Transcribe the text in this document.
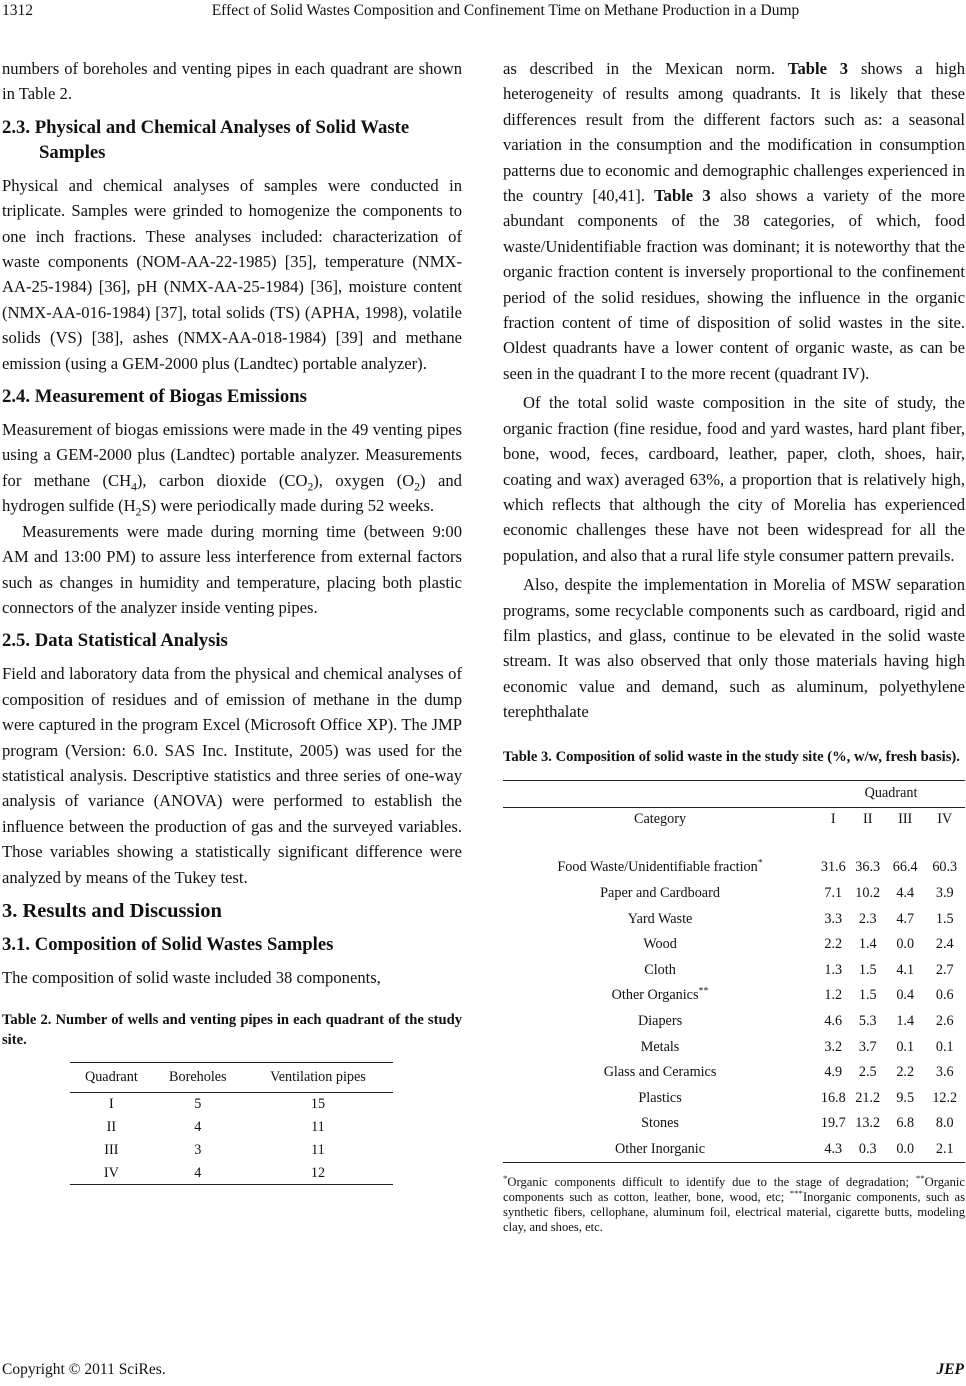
1312	Effect of Solid Wastes Composition and Confinement Time on Methane Production in a Dump

numbers of boreholes and venting pipes in each quadrant are shown in Table 2.

2.3. Physical and Chemical Analyses of Solid Waste Samples

Physical and chemical analyses of samples were conducted in triplicate. Samples were grinded to homogenize the components to one inch fractions. These analyses included: characterization of waste components (NOM-AA-22-1985) [35], temperature (NMX-AA-25-1984) [36], pH (NMX-AA-25-1984) [36], moisture content (NMX-AA-016-1984) [37], total solids (TS) (APHA, 1998), volatile solids (VS) [38], ashes (NMX-AA-018-1984) [39] and methane emission (using a GEM-2000 plus (Landtec) portable analyzer).

2.4. Measurement of Biogas Emissions

Measurement of biogas emissions were made in the 49 venting pipes using a GEM-2000 plus (Landtec) portable analyzer. Measurements for methane $(CH_4)$, carbon dioxide $(CO_2)$, oxygen $(O_2)$ and hydrogen sulfide $(H_2S)$ were periodically made during 52 weeks.

Measurements were made during morning time (between 9:00 AM and 13:00 PM) to assure less interference from external factors such as changes in humidity and temperature, placing both plastic connectors of the analyzer inside venting pipes.

2.5. Data Statistical Analysis

Field and laboratory data from the physical and chemical analyses of composition of residues and of emission of methane in the dump were captured in the program Excel (Microsoft Office XP). The JMP program (Version: 6.0. SAS Inc. Institute, 2005) was used for the statistical analysis. Descriptive statistics and three series of one-way analysis of variance (ANOVA) were performed to establish the influence between the production of gas and the surveyed variables. Those variables showing a statistically significant difference were analyzed by means of the Tukey test.

3. Results and Discussion
3.1. Composition of Solid Wastes Samples

The composition of solid waste included 38 components,

Table 2. Number of wells and venting pipes in each quadrant of the study site.
Quadrant	Boreholes	Ventilation pipes
I	5	15
II	4	11
III	3	11
IV	4	12

as described in the Mexican norm. Table 3 shows a high heterogeneity of results among quadrants. It is likely that these differences result from the different factors such as: a seasonal variation in the consumption and the modification in consumption patterns due to economic and demographic challenges experienced in the country [40,41]. Table 3 also shows a variety of the more abundant components of the 38 categories, of which, food waste/Unidentifiable fraction was dominant; it is noteworthy that the organic fraction content is inversely proportional to the confinement period of the solid residues, showing the influence in the organic fraction content of time of disposition of solid wastes in the site. Oldest quadrants have a lower content of organic waste, as can be seen in the quadrant I to the more recent (quadrant IV).

Of the total solid waste composition in the site of study, the organic fraction (fine residue, food and yard wastes, hard plant fiber, bone, wood, feces, cardboard, leather, paper, cloth, shoes, hair, coating and wax) averaged 63%, a proportion that is relatively high, which reflects that although the city of Morelia has experienced economic challenges these have not been widespread for all the population, and also that a rural life style consumer pattern prevails.

Also, despite the implementation in Morelia of MSW separation programs, some recyclable components such as cardboard, rigid and film plastics, and glass, continue to be elevated in the solid waste stream. It was also observed that only those materials having high economic value and demand, such as aluminum, polyethylene terephthalate

Table 3. Composition of solid waste in the study site (%, w/w, fresh basis).
	Quadrant			
Category	I	II	III	IV

Food Waste/Unidentifiable fraction*	31.6	36.3	66.4	60.3
Paper and Cardboard	7.1	10.2	4.4	3.9
Yard Waste	3.3	2.3	4.7	1.5
Wood	2.2	1.4	0.0	2.4
Cloth	1.3	1.5	4.1	2.7
Other Organics**	1.2	1.5	0.4	0.6
Diapers	4.6	5.3	1.4	2.6
Metals	3.2	3.7	0.1	0.1
Glass and Ceramics	4.9	2.5	2.2	3.6
Plastics	16.8	21.2	9.5	12.2
Stones	19.7	13.2	6.8	8.0
Other Inorganic	4.3	0.3	0.0	2.1
*Organic components difficult to identify due to the stage of degradation; **Organic components such as cotton, leather, bone, wood, etc; ***Inorganic components, such as synthetic fibers, cellophane, aluminum foil, electrical material, cigarette butts, modeling clay, and shoes, etc.
Copyright © 2011 SciRes.	JEP
